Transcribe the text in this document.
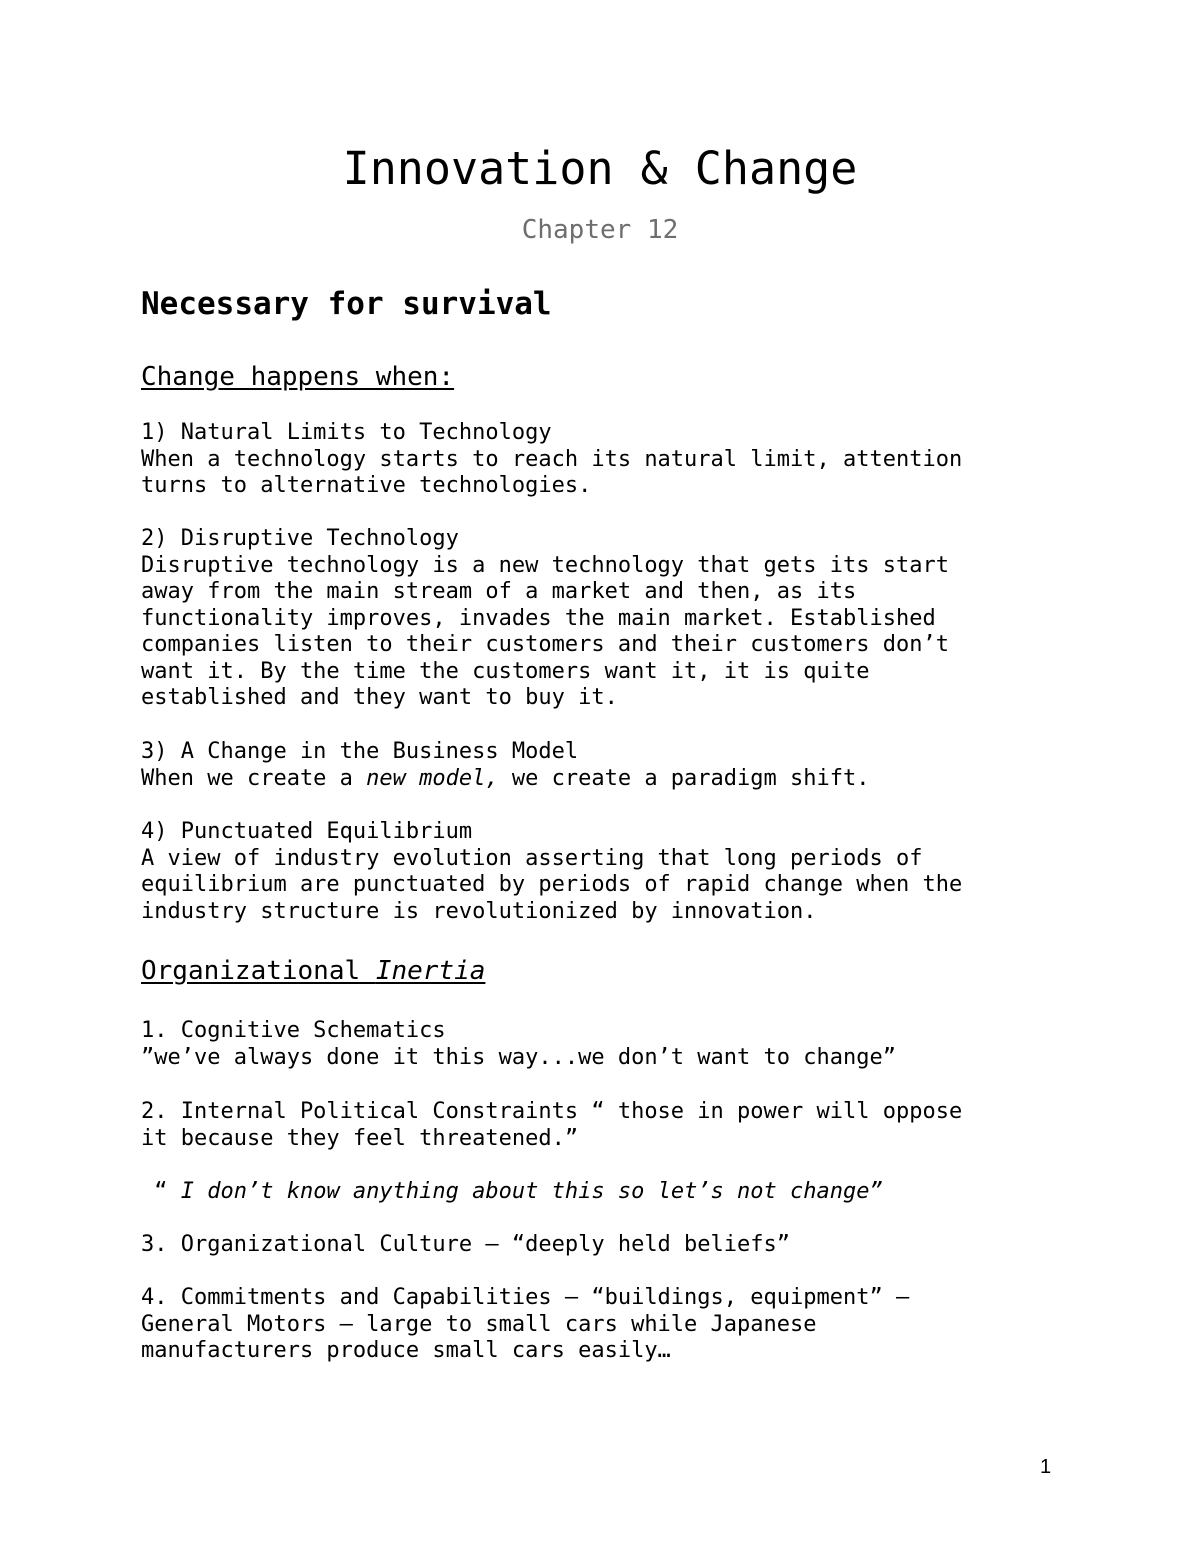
Innovation & Change
Chapter 12
Necessary for survival
Change happens when:
1) Natural Limits to Technology
When a technology starts to reach its natural limit, attention
turns to alternative technologies.
2) Disruptive Technology
Disruptive technology is a new technology that gets its start
away from the main stream of a market and then, as its
functionality improves, invades the main market. Established
companies listen to their customers and their customers don’t
want it. By the time the customers want it, it is quite
established and they want to buy it.
3) A Change in the Business Model
When we create a new model, we create a paradigm shift.
4) Punctuated Equilibrium
A view of industry evolution asserting that long periods of
equilibrium are punctuated by periods of rapid change when the
industry structure is revolutionized by innovation.
Organizational Inertia
1. Cognitive Schematics
”we’ve always done it this way...we don’t want to change”
2. Internal Political Constraints “ those in power will oppose
it because they feel threatened.”
“ I don’t know anything about this so let’s not change”
3. Organizational Culture – “deeply held beliefs”
4. Commitments and Capabilities – “buildings, equipment” –
General Motors – large to small cars while Japanese
manufacturers produce small cars easily…
1
